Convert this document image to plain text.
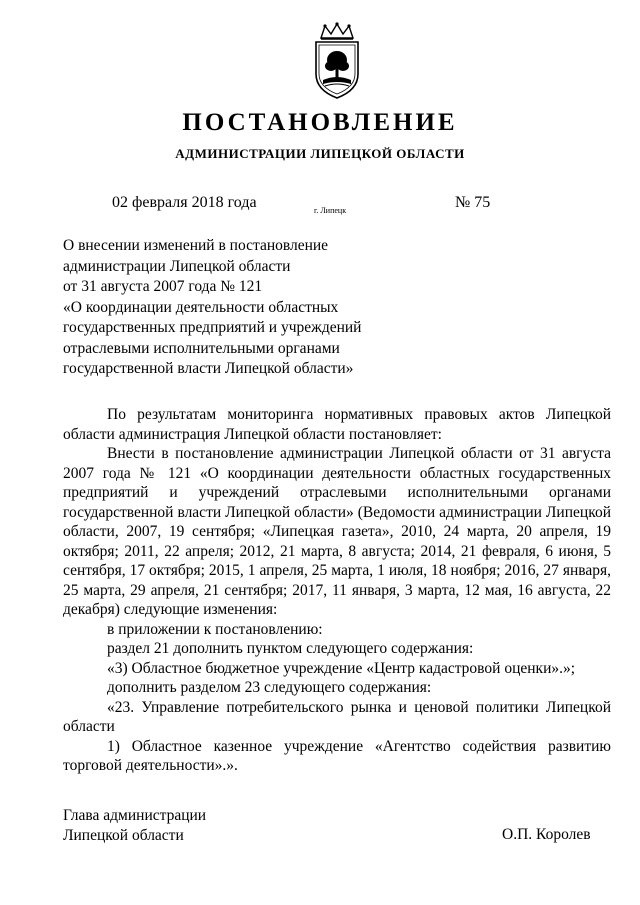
ПОСТАНОВЛЕНИЕ
АДМИНИСТРАЦИИ ЛИПЕЦКОЙ ОБЛАСТИ
02 февраля 2018 года	г. Липецк	№ 75
О внесении изменений в постановление
администрации Липецкой области
от 31 августа 2007 года № 121
«О координации деятельности областных
государственных предприятий и учреждений
отраслевыми исполнительными органами
государственной власти Липецкой области»

По результатам мониторинга нормативных правовых актов Липецкой области администрация Липецкой области постановляет:

Внести в постановление администрации Липецкой области от 31 августа 2007 года № 121 «О координации деятельности областных государственных предприятий и учреждений отраслевыми исполнительными органами государственной власти Липецкой области» (Ведомости администрации Липецкой области, 2007, 19 сентября; «Липецкая газета», 2010, 24 марта, 20 апреля, 19 октября; 2011, 22 апреля; 2012, 21 марта, 8 августа; 2014, 21 февраля, 6 июня, 5 сентября, 17 октября; 2015, 1 апреля, 25 марта, 1 июля, 18 ноября; 2016, 27 января, 25 марта, 29 апреля, 21 сентября; 2017, 11 января, 3 марта, 12 мая, 16 августа, 22 декабря) следующие изменения:

в приложении к постановлению:

раздел 21 дополнить пунктом следующего содержания:

«3) Областное бюджетное учреждение «Центр кадастровой оценки».»;

дополнить разделом 23 следующего содержания:

«23. Управление потребительского рынка и ценовой политики Липецкой области

1) Областное казенное учреждение «Агентство содействия развитию торговой деятельности».».

Глава администрации
Липецкой области	О.П. Королев
